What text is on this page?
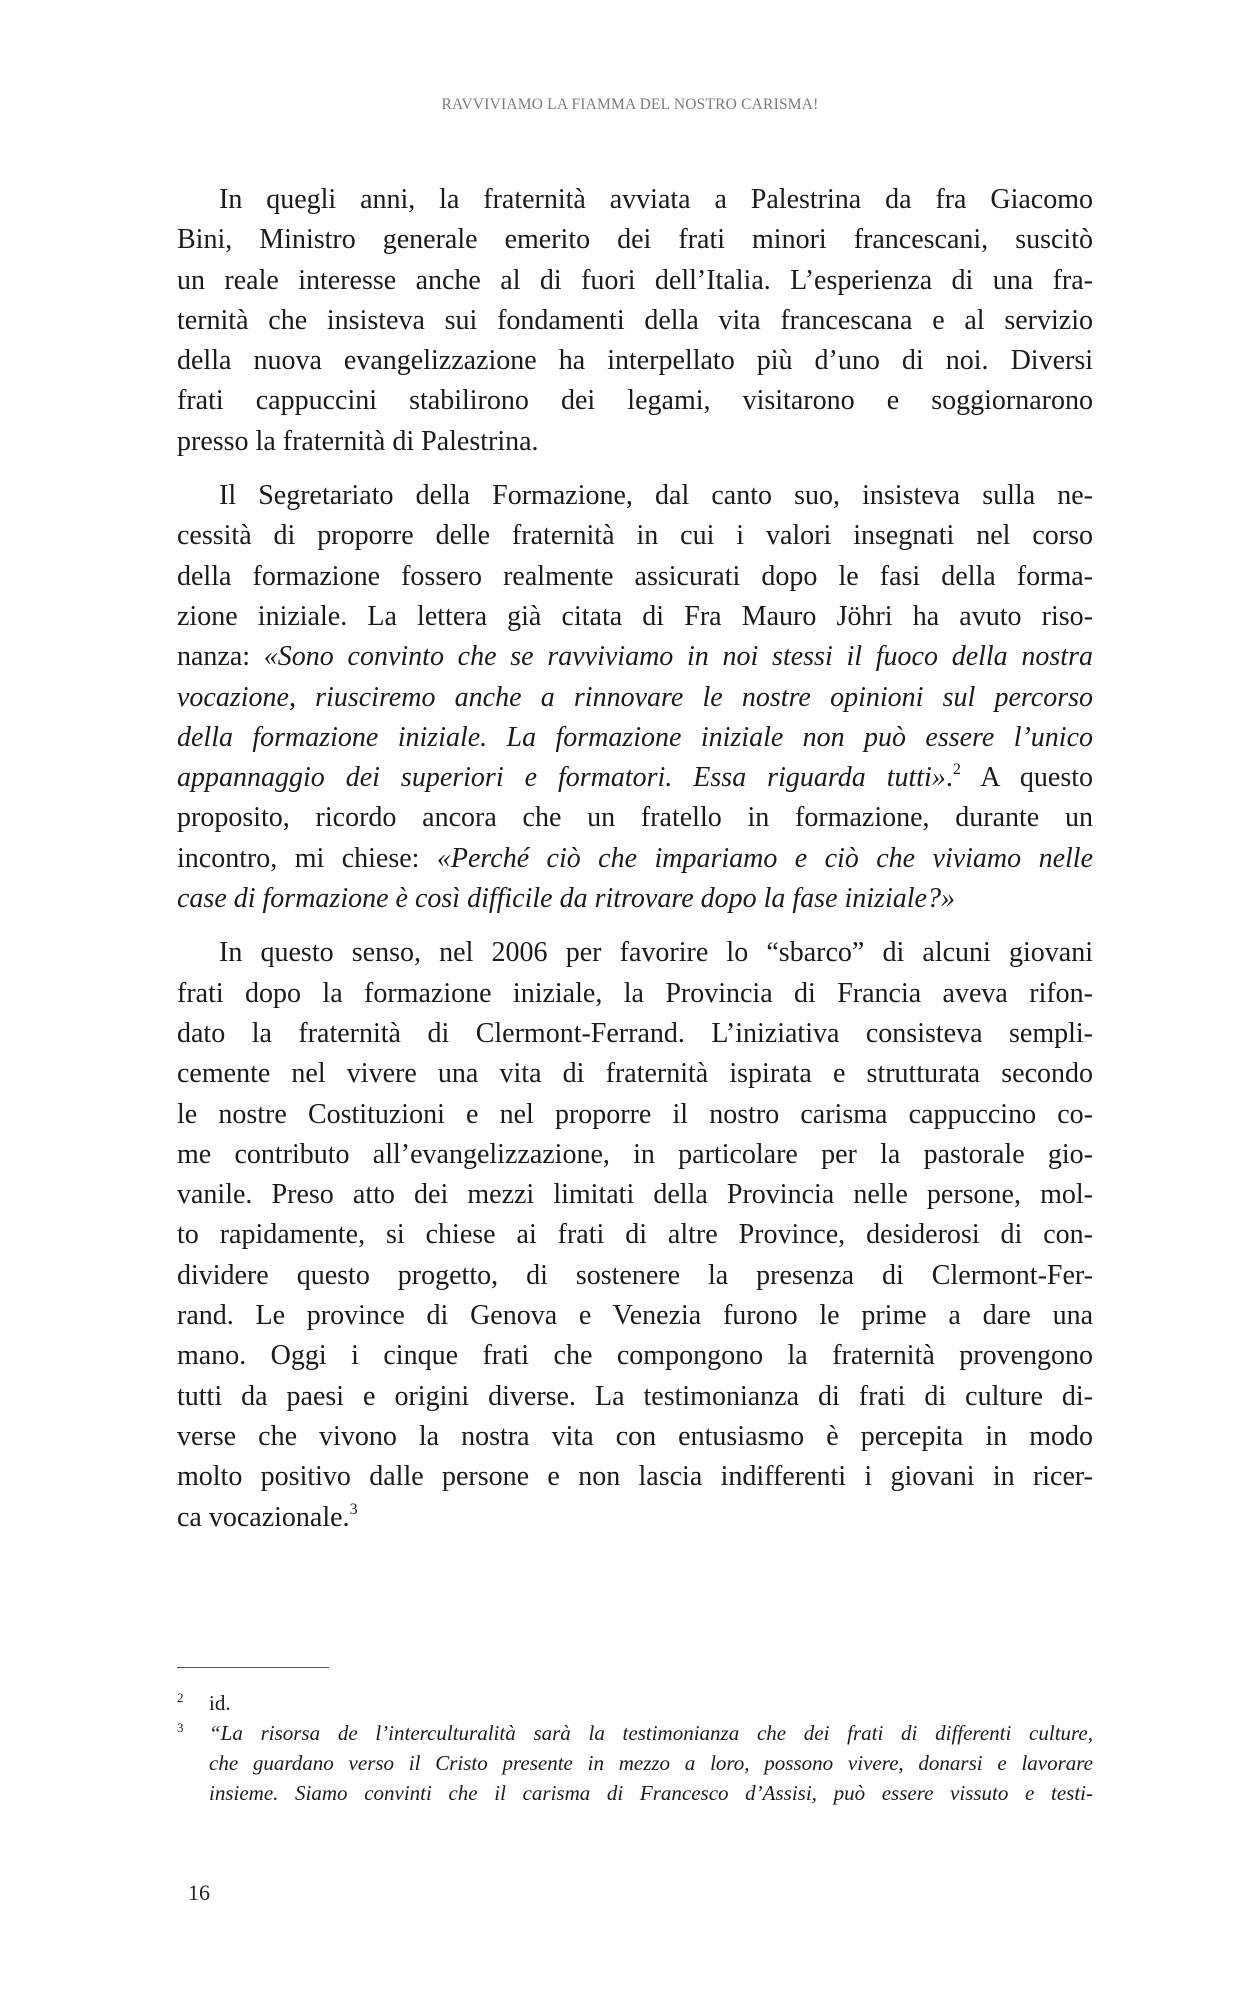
RAVVIVIAMO LA FIAMMA DEL NOSTRO CARISMA!
In quegli anni, la fraternità avviata a Palestrina da fra Giacomo
Bini, Ministro generale emerito dei frati minori francescani, suscitò
un reale interesse anche al di fuori dell’Italia. L’esperienza di una fra-
ternità che insisteva sui fondamenti della vita francescana e al servizio
della nuova evangelizzazione ha interpellato più d’uno di noi. Diversi
frati cappuccini stabilirono dei legami, visitarono e soggiornarono
presso la fraternità di Palestrina.
Il Segretariato della Formazione, dal canto suo, insisteva sulla ne-
cessità di proporre delle fraternità in cui i valori insegnati nel corso
della formazione fossero realmente assicurati dopo le fasi della forma-
zione iniziale. La lettera già citata di Fra Mauro Jöhri ha avuto riso-
nanza: «Sono convinto che se ravviviamo in noi stessi il fuoco della nostra
vocazione, riusciremo anche a rinnovare le nostre opinioni sul percorso
della formazione iniziale. La formazione iniziale non può essere l’unico
appannaggio dei superiori e formatori. Essa riguarda tutti».$^2$ A questo
proposito, ricordo ancora che un fratello in formazione, durante un
incontro, mi chiese: «Perché ciò che impariamo e ciò che viviamo nelle
case di formazione è così difficile da ritrovare dopo la fase iniziale?»
In questo senso, nel 2006 per favorire lo “sbarco” di alcuni giovani
frati dopo la formazione iniziale, la Provincia di Francia aveva rifon-
dato la fraternità di Clermont-Ferrand. L’iniziativa consisteva sempli-
cemente nel vivere una vita di fraternità ispirata e strutturata secondo
le nostre Costituzioni e nel proporre il nostro carisma cappuccino co-
me contributo all’evangelizzazione, in particolare per la pastorale gio-
vanile. Preso atto dei mezzi limitati della Provincia nelle persone, mol-
to rapidamente, si chiese ai frati di altre Province, desiderosi di con-
dividere questo progetto, di sostenere la presenza di Clermont-Fer-
rand. Le province di Genova e Venezia furono le prime a dare una
mano. Oggi i cinque frati che compongono la fraternità provengono
tutti da paesi e origini diverse. La testimonianza di frati di culture di-
verse che vivono la nostra vita con entusiasmo è percepita in modo
molto positivo dalle persone e non lascia indifferenti i giovani in ricer-
ca vocazionale.$^3$
2 id.
3 “La risorsa de l’interculturalità sarà la testimonianza che dei frati di differenti culture,
che guardano verso il Cristo presente in mezzo a loro, possono vivere, donarsi e lavorare
insieme. Siamo convinti che il carisma di Francesco d’Assisi, può essere vissuto e testi-
16
